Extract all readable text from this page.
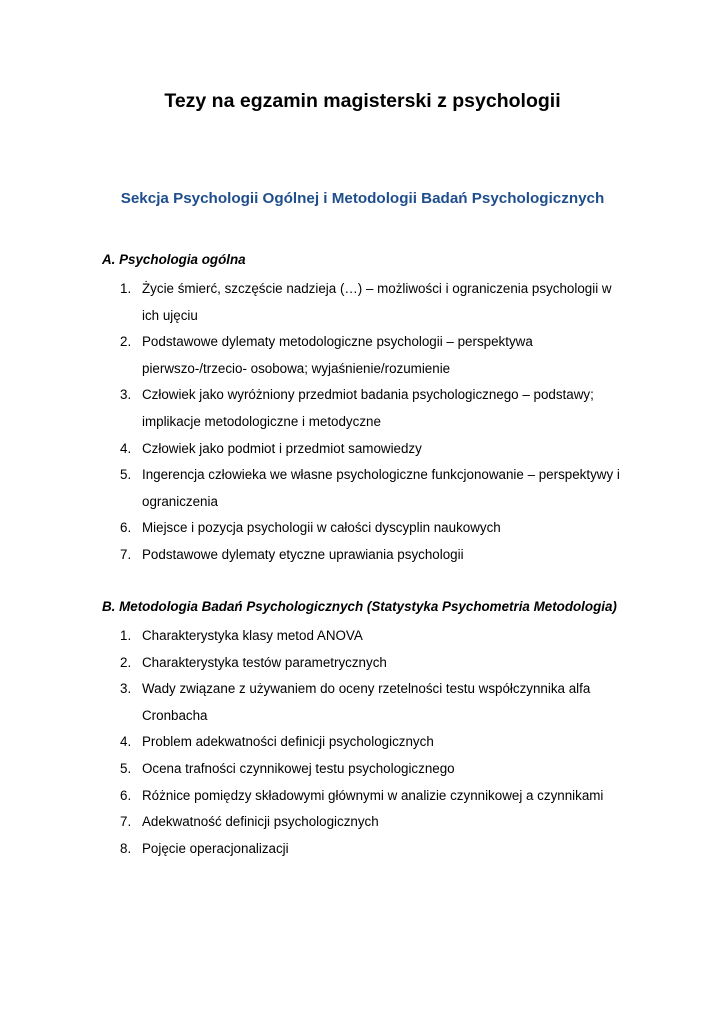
Tezy na egzamin magisterski z psychologii
Sekcja Psychologii Ogólnej i Metodologii Badań Psychologicznych
A. Psychologia ogólna
1. Życie śmierć, szczęście nadzieja (…) – możliwości i ograniczenia psychologii w ich ujęciu
2. Podstawowe dylematy metodologiczne psychologii – perspektywa pierwszo-/trzecio- osobowa; wyjaśnienie/rozumienie
3. Człowiek jako wyróżniony przedmiot badania psychologicznego – podstawy; implikacje metodologiczne i metodyczne
4. Człowiek jako podmiot i przedmiot samowiedzy
5. Ingerencja człowieka we własne psychologiczne funkcjonowanie – perspektywy i ograniczenia
6. Miejsce i pozycja psychologii w całości dyscyplin naukowych
7. Podstawowe dylematy etyczne uprawiania psychologii
B. Metodologia Badań Psychologicznych (Statystyka Psychometria Metodologia)
1. Charakterystyka klasy metod ANOVA
2. Charakterystyka testów parametrycznych
3. Wady związane z używaniem do oceny rzetelności testu współczynnika alfa Cronbacha
4. Problem adekwatności definicji psychologicznych
5. Ocena trafności czynnikowej testu psychologicznego
6. Różnice pomiędzy składowymi głównymi w analizie czynnikowej a czynnikami
7. Adekwatność definicji psychologicznych
8. Pojęcie operacjonalizacji
